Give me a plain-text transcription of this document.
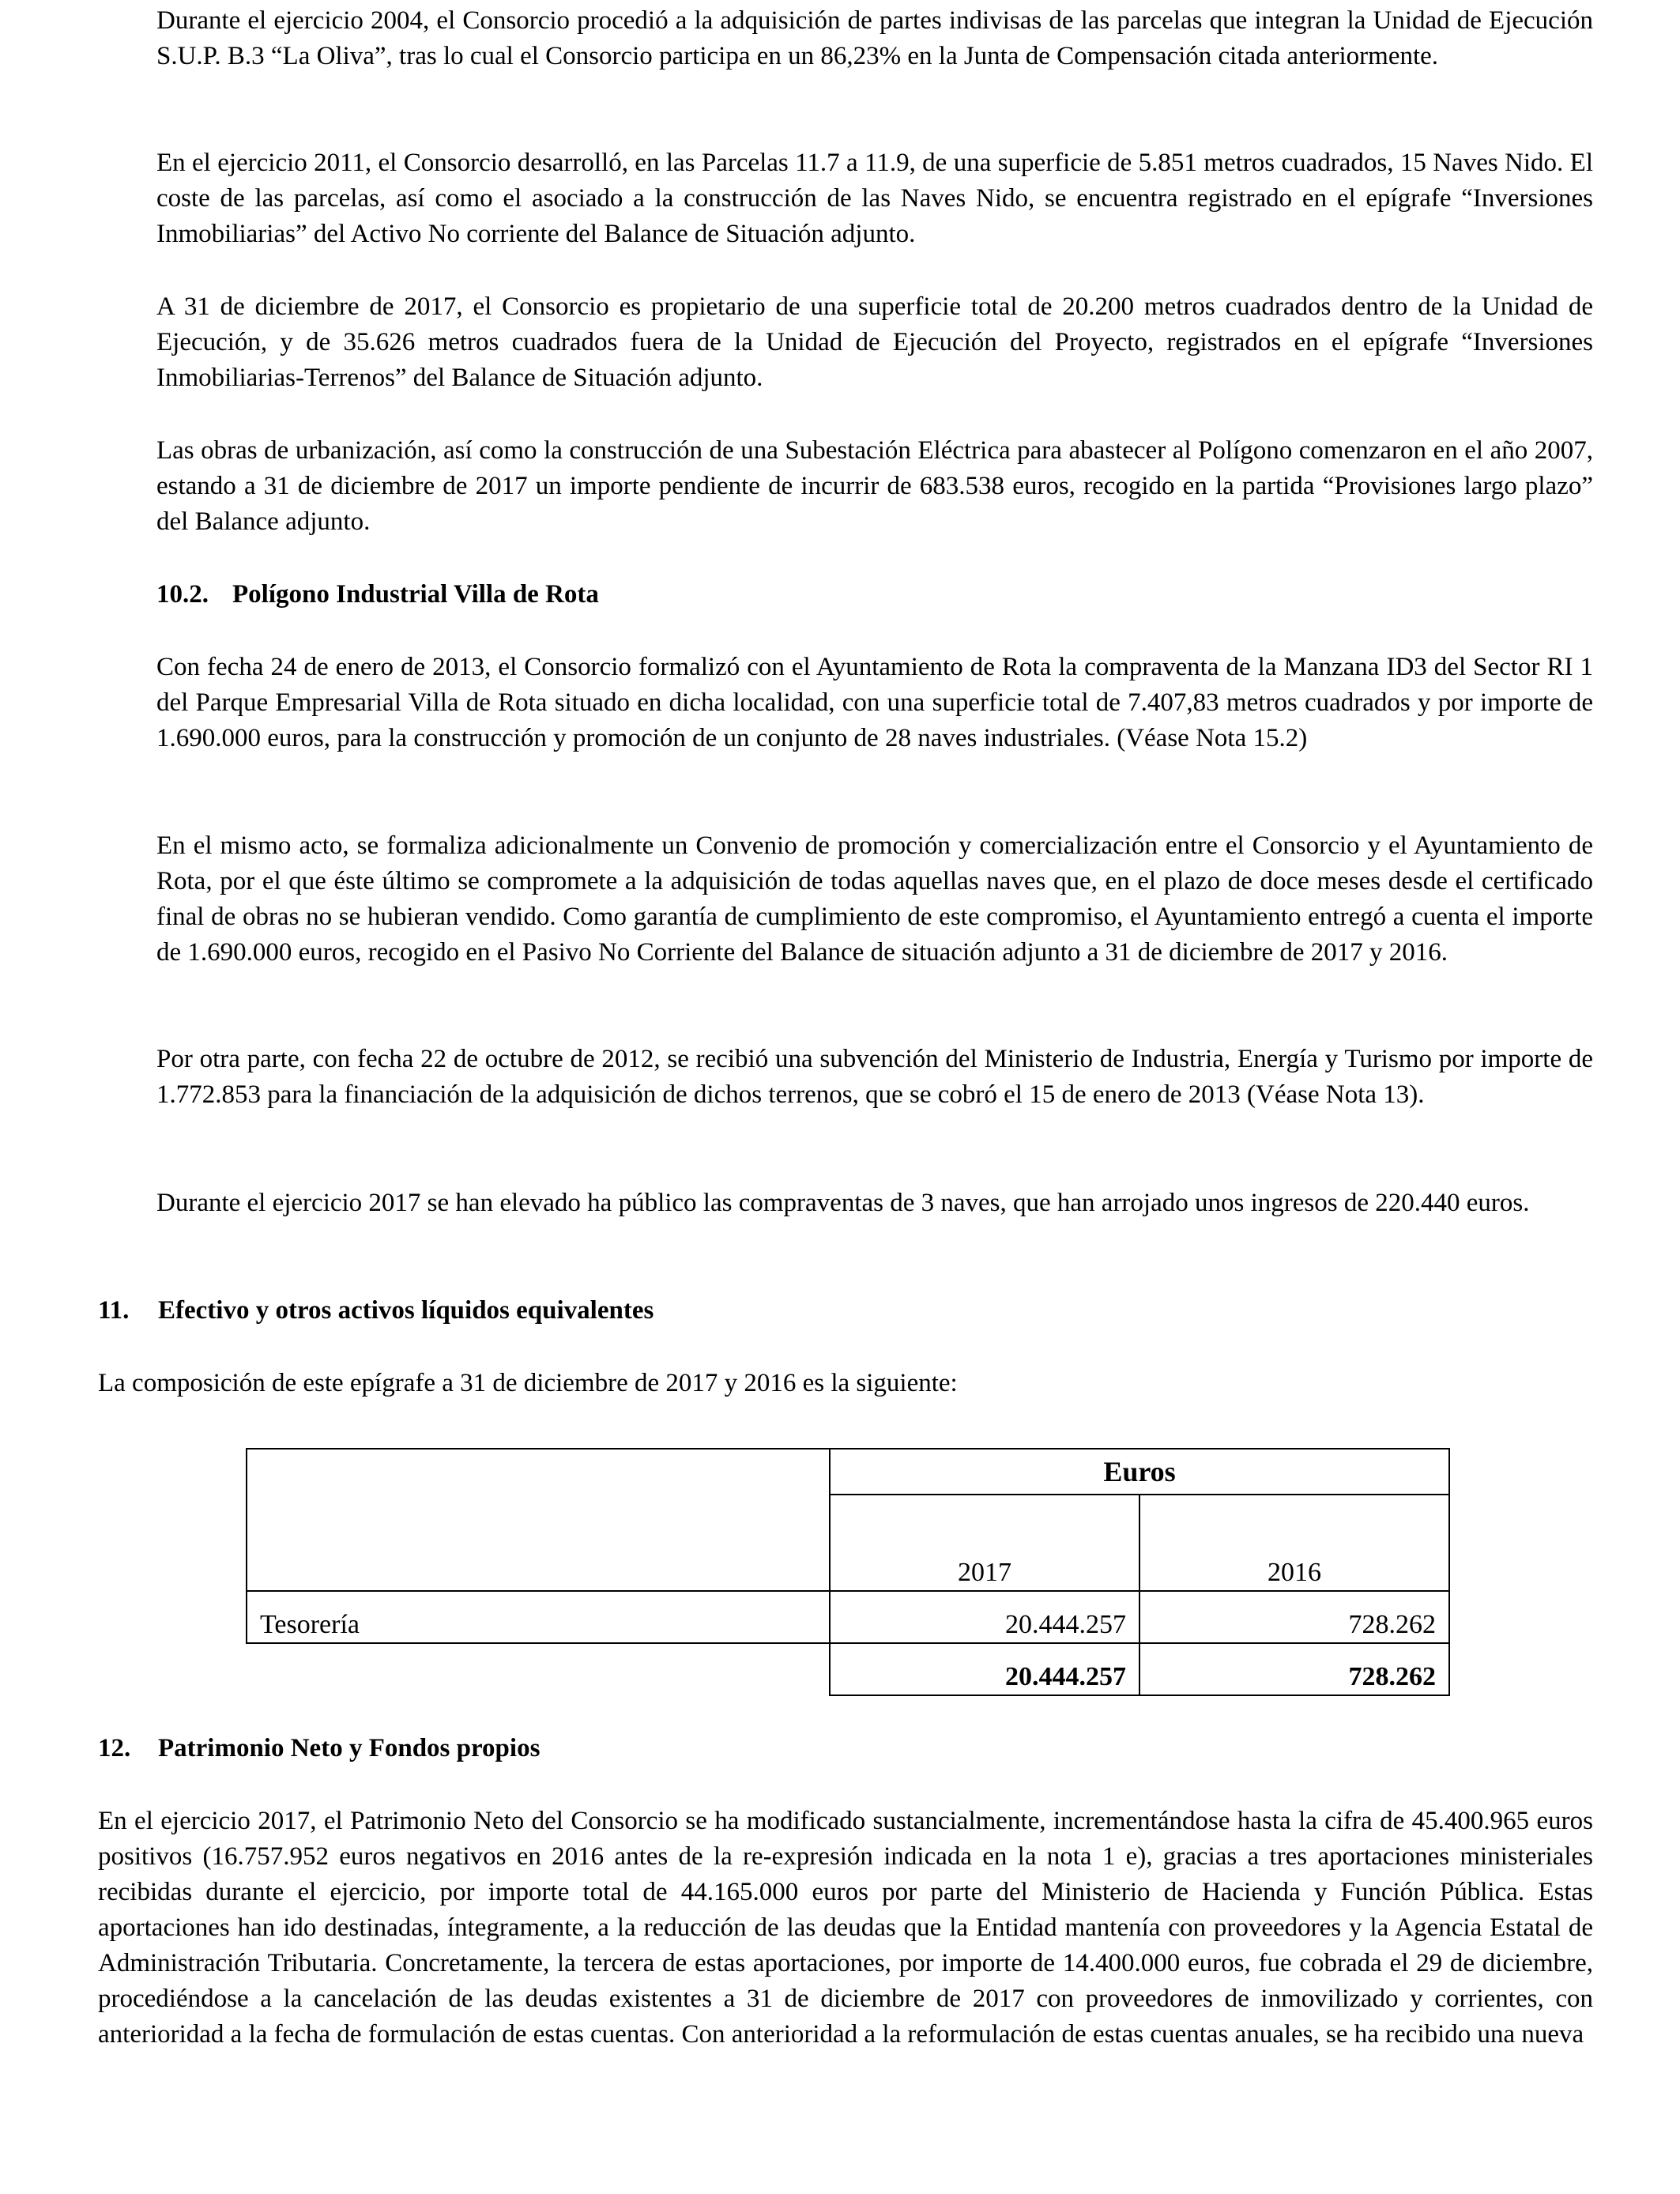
Durante el ejercicio 2004, el Consorcio procedió a la adquisición de partes indivisas de las parcelas que integran la Unidad de Ejecución S.U.P. B.3 “La Oliva”, tras lo cual el Consorcio participa en un 86,23% en la Junta de Compensación citada anteriormente.

En el ejercicio 2011, el Consorcio desarrolló, en las Parcelas 11.7 a 11.9, de una superficie de 5.851 metros cuadrados, 15 Naves Nido. El coste de las parcelas, así como el asociado a la construcción de las Naves Nido, se encuentra registrado en el epígrafe “Inversiones Inmobiliarias” del Activo No corriente del Balance de Situación adjunto.

A 31 de diciembre de 2017, el Consorcio es propietario de una superficie total de 20.200 metros cuadrados dentro de la Unidad de Ejecución, y de 35.626 metros cuadrados fuera de la Unidad de Ejecución del Proyecto, registrados en el epígrafe “Inversiones Inmobiliarias-Terrenos” del Balance de Situación adjunto.

Las obras de urbanización, así como la construcción de una Subestación Eléctrica para abastecer al Polígono comenzaron en el año 2007, estando a 31 de diciembre de 2017 un importe pendiente de incurrir de 683.538 euros, recogido en la partida “Provisiones largo plazo” del Balance adjunto.

10.2. Polígono Industrial Villa de Rota

Con fecha 24 de enero de 2013, el Consorcio formalizó con el Ayuntamiento de Rota la compraventa de la Manzana ID3 del Sector RI 1 del Parque Empresarial Villa de Rota situado en dicha localidad, con una superficie total de 7.407,83 metros cuadrados y por importe de 1.690.000 euros, para la construcción y promoción de un conjunto de 28 naves industriales. (Véase Nota 15.2)

En el mismo acto, se formaliza adicionalmente un Convenio de promoción y comercialización entre el Consorcio y el Ayuntamiento de Rota, por el que éste último se compromete a la adquisición de todas aquellas naves que, en el plazo de doce meses desde el certificado final de obras no se hubieran vendido. Como garantía de cumplimiento de este compromiso, el Ayuntamiento entregó a cuenta el importe de 1.690.000 euros, recogido en el Pasivo No Corriente del Balance de situación adjunto a 31 de diciembre de 2017 y 2016.

Por otra parte, con fecha 22 de octubre de 2012, se recibió una subvención del Ministerio de Industria, Energía y Turismo por importe de 1.772.853 para la financiación de la adquisición de dichos terrenos, que se cobró el 15 de enero de 2013 (Véase Nota 13).

Durante el ejercicio 2017 se han elevado ha público las compraventas de 3 naves, que han arrojado unos ingresos de 220.440 euros.

11. Efectivo y otros activos líquidos equivalentes

La composición de este epígrafe a 31 de diciembre de 2017 y 2016 es la siguiente:

	Euros	
	2017	2016
Tesorería	20.444.257	728.262
	20.444.257	728.262
12. Patrimonio Neto y Fondos propios

En el ejercicio 2017, el Patrimonio Neto del Consorcio se ha modificado sustancialmente, incrementándose hasta la cifra de 45.400.965 euros positivos (16.757.952 euros negativos en 2016 antes de la re-expresión indicada en la nota 1 e), gracias a tres aportaciones ministeriales recibidas durante el ejercicio, por importe total de 44.165.000 euros por parte del Ministerio de Hacienda y Función Pública. Estas aportaciones han ido destinadas, íntegramente, a la reducción de las deudas que la Entidad mantenía con proveedores y la Agencia Estatal de Administración Tributaria. Concretamente, la tercera de estas aportaciones, por importe de 14.400.000 euros, fue cobrada el 29 de diciembre, procediéndose a la cancelación de las deudas existentes a 31 de diciembre de 2017 con proveedores de inmovilizado y corrientes, con anterioridad a la fecha de formulación de estas cuentas. Con anterioridad a la reformulación de estas cuentas anuales, se ha recibido una nueva
